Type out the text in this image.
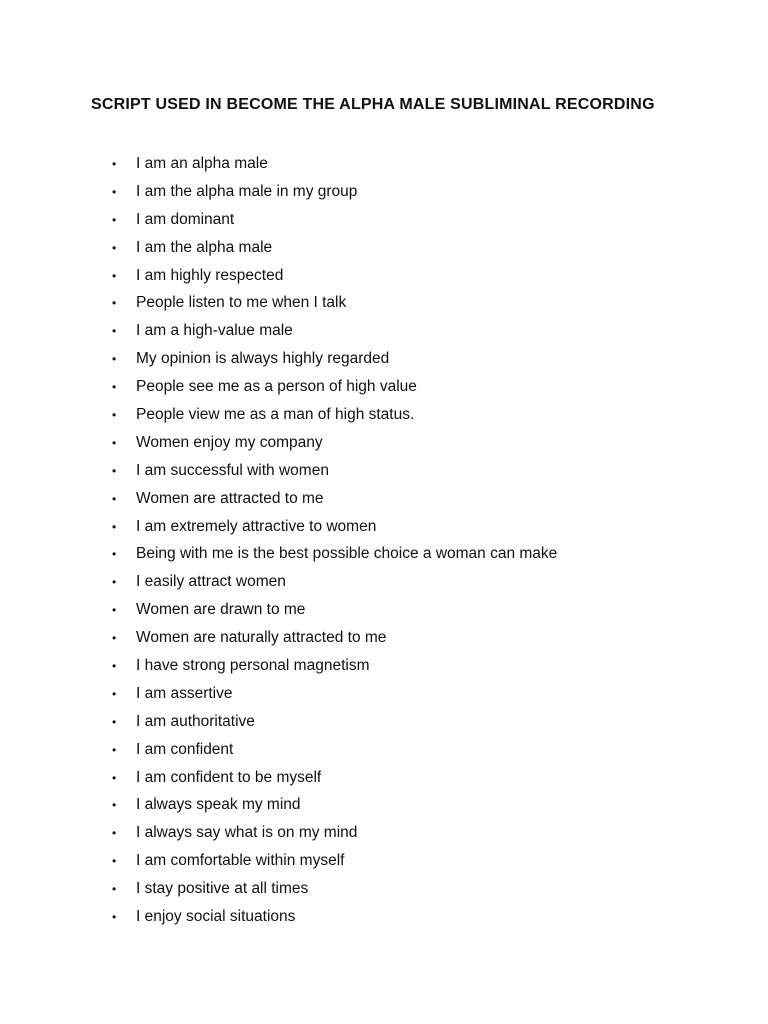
SCRIPT USED IN BECOME THE ALPHA MALE SUBLIMINAL RECORDING
• I am an alpha male
• I am the alpha male in my group
• I am dominant
• I am the alpha male
• I am highly respected
• People listen to me when I talk
• I am a high-value male
• My opinion is always highly regarded
• People see me as a person of high value
• People view me as a man of high status.
• Women enjoy my company
• I am successful with women
• Women are attracted to me
• I am extremely attractive to women
• Being with me is the best possible choice a woman can make
• I easily attract women
• Women are drawn to me
• Women are naturally attracted to me
• I have strong personal magnetism
• I am assertive
• I am authoritative
• I am confident
• I am confident to be myself
• I always speak my mind
• I always say what is on my mind
• I am comfortable within myself
• I stay positive at all times
• I enjoy social situations
